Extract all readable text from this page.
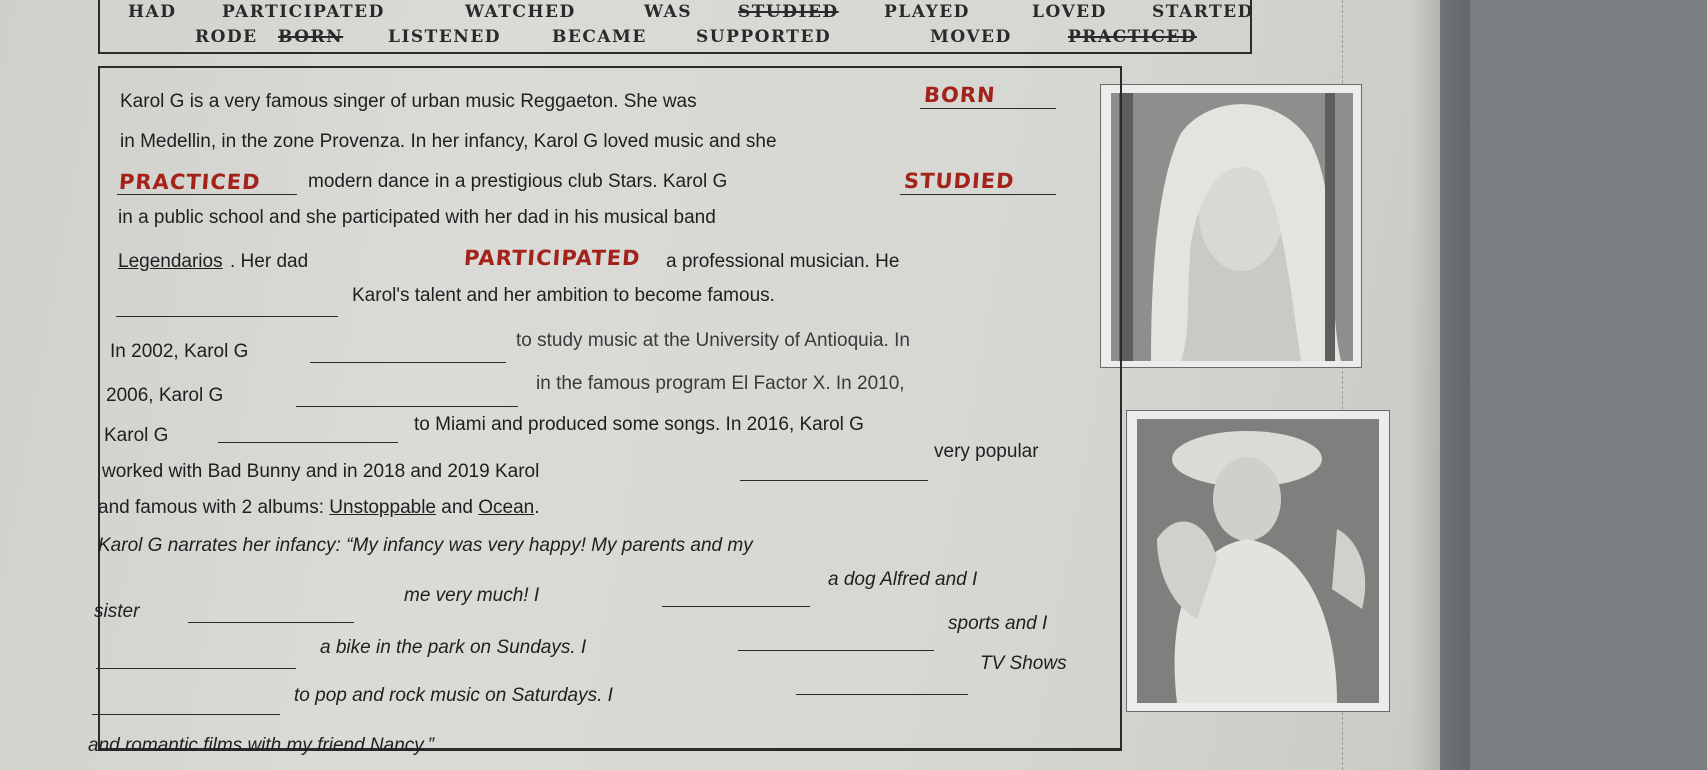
HAD	PARTICIPATED	WATCHED	WAS	STUDIED	PLAYED	LOVED	STARTED
RODE BORN	LISTENED	BECAME	SUPPORTED	MOVED	PRACTICED
Karol G is a very famous singer of urban music Reggaeton. She was	BORN
in Medellin, in the zone Provenza. In her infancy, Karol G loved music and she
PRACTICED modern dance in a prestigious club Stars. Karol G	STUDIED
in a public school and she participated with her dad in his musical band
Legendarios . Her dad	PARTICIPATED a professional musician. He
Karol's talent and her ambition to become famous.
In 2002, Karol G
to study music at the University of Antioquia. In
2006, Karol G
in the famous program El Factor X. In 2010,
Karol G
to Miami and produced some songs. In 2016, Karol G
worked with Bad Bunny and in 2018 and 2019 Karol
very popular
and famous with 2 albums: Unstoppable and Ocean.
Karol G narrates her infancy: “My infancy was very happy! My parents and my
sister
me very much! I
a dog Alfred and I
a bike in the park on Sundays. I
sports and I
to pop and rock music on Saturdays. I
TV Shows
and romantic films with my friend Nancy.”
